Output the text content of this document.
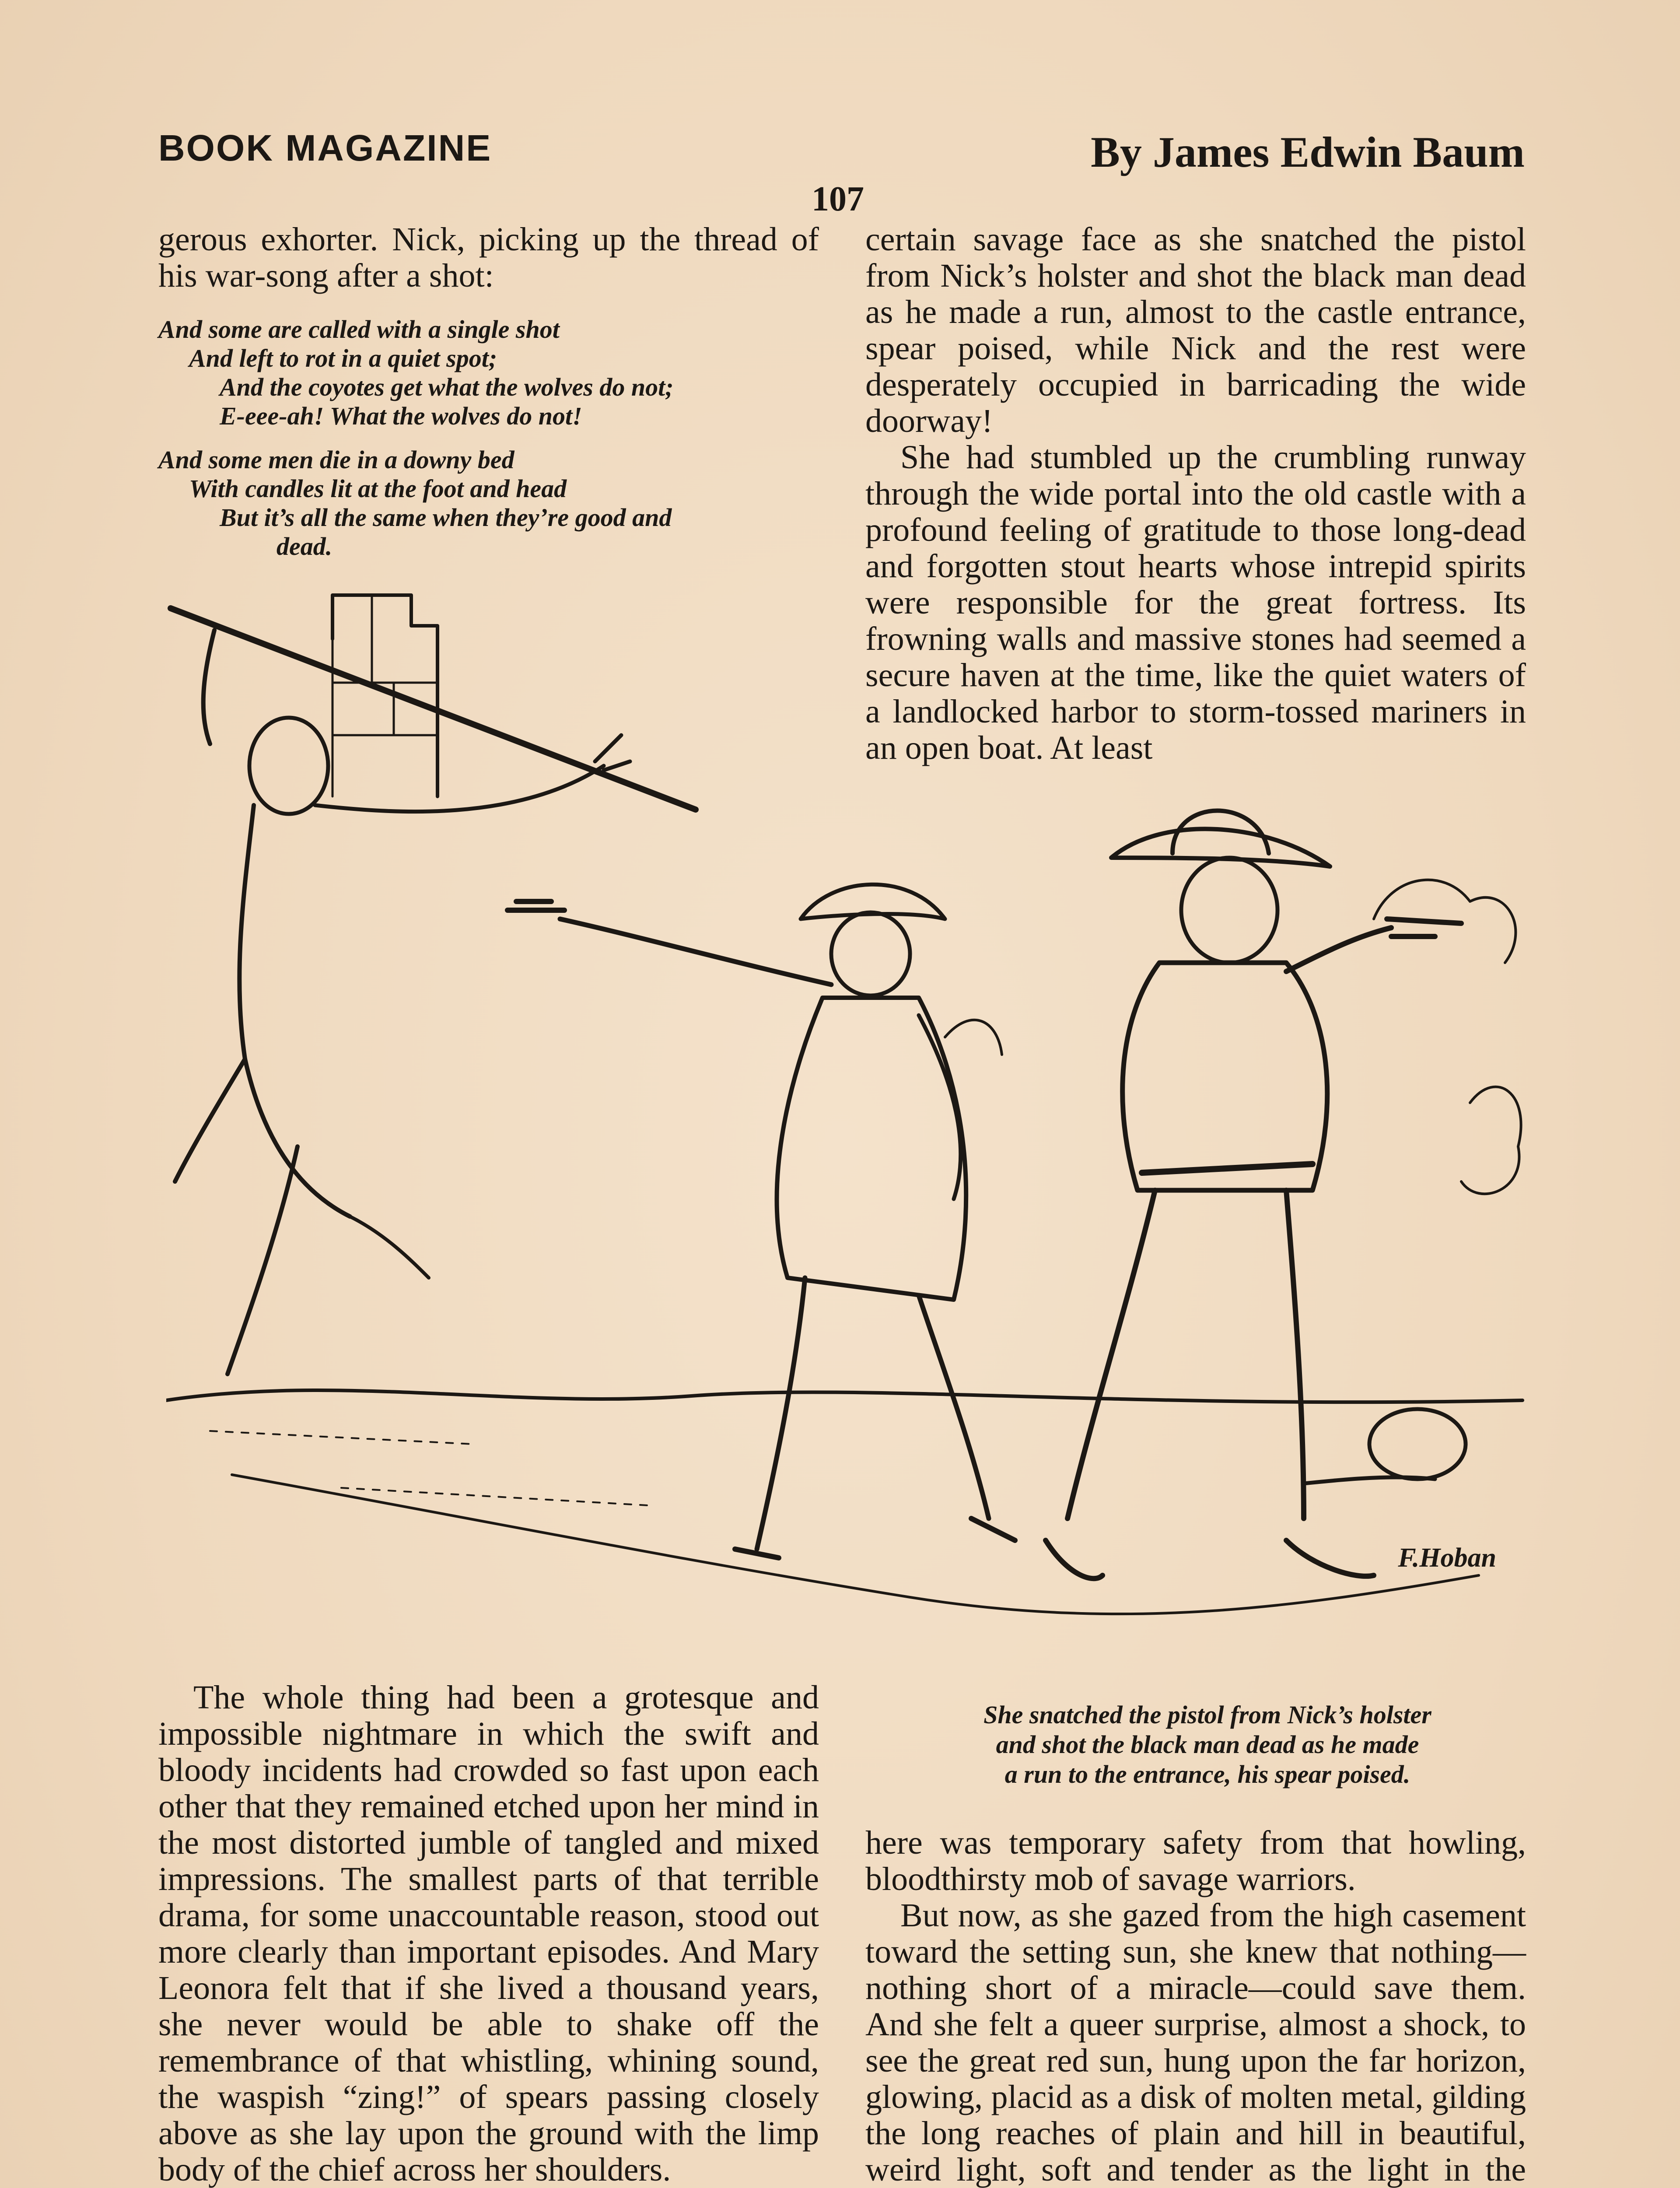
BOOK MAGAZINE	By James Edwin Baum
107

gerous exhorter. Nick, picking up the thread of his war-song after a shot:

And some are called with a single shot
And left to rot in a quiet spot;
And the coyotes get what the wolves do not;
E-eee-ah! What the wolves do not!
And some men die in a downy bed
With candles lit at the foot and head
But it’s all the same when they’re good and
dead.

certain savage face as she snatched the pistol from Nick’s holster and shot the black man dead as he made a run, almost to the castle entrance, spear poised, while Nick and the rest were desperately occupied in barricading the wide doorway!

She had stumbled up the crumbling runway through the wide portal into the old castle with a profound feeling of gratitude to those long-dead and forgotten stout hearts whose intrepid spirits were responsible for the great fortress. Its frowning walls and massive stones had seemed a secure haven at the time, like the quiet waters of a landlocked harbor to storm-tossed mariners in an open boat. At least

F.Hoban

The whole thing had been a grotesque and impossible nightmare in which the swift and bloody incidents had crowded so fast upon each other that they remained etched upon her mind in the most distorted jumble of tangled and mixed impressions. The smallest parts of that terrible drama, for some unaccountable reason, stood out more clearly than important episodes. And Mary Leonora felt that if she lived a thousand years, she never would be able to shake off the remembrance of that whistling, whining sound, the waspish “zing!” of spears passing closely above as she lay upon the ground with the limp body of the chief across her shoulders.

She snatched the pistol from Nick’s holster
and shot the black man dead as he made
a run to the entrance, his spear poised.

here was temporary safety from that howling, bloodthirsty mob of savage warriors.

But now, as she gazed from the high casement toward the setting sun, she knew that nothing—nothing short of a miracle—could save them. And she felt a queer surprise, almost a shock, to see the great red sun, hung upon the far horizon, glowing, placid as a disk of molten metal, gilding the long reaches of plain and hill in beautiful, weird light, soft and tender as the light in the
